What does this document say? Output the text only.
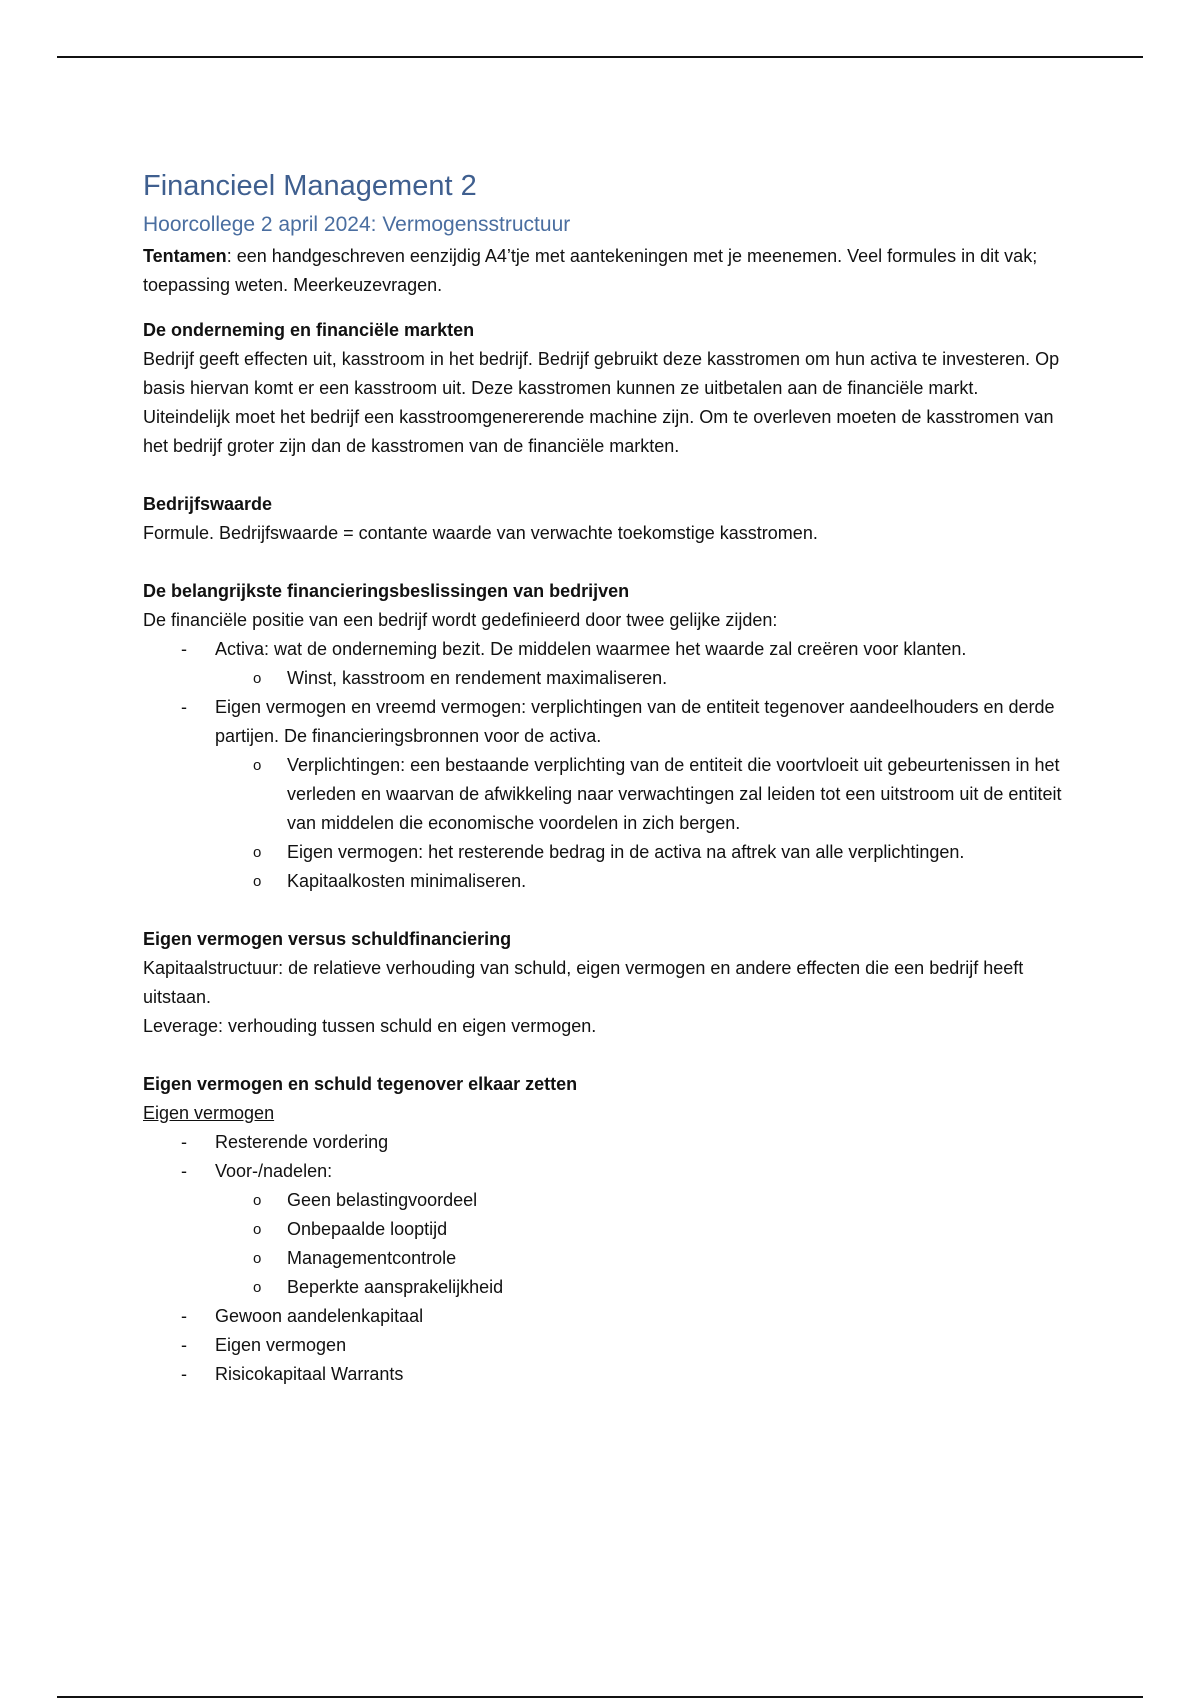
Financieel Management 2
Hoorcollege 2 april 2024: Vermogensstructuur

Tentamen: een handgeschreven eenzijdig A4’tje met aantekeningen met je meenemen. Veel formules in dit vak; toepassing weten. Meerkeuzevragen.

De onderneming en financiële markten

Bedrijf geeft effecten uit, kasstroom in het bedrijf. Bedrijf gebruikt deze kasstromen om hun activa te investeren. Op basis hiervan komt er een kasstroom uit. Deze kasstromen kunnen ze uitbetalen aan de financiële markt.

Uiteindelijk moet het bedrijf een kasstroomgenererende machine zijn. Om te overleven moeten de kasstromen van het bedrijf groter zijn dan de kasstromen van de financiële markten.

Bedrijfswaarde

Formule. Bedrijfswaarde = contante waarde van verwachte toekomstige kasstromen.

De belangrijkste financieringsbeslissingen van bedrijven

De financiële positie van een bedrijf wordt gedefinieerd door twee gelijke zijden:

- Activa: wat de onderneming bezit. De middelen waarmee het waarde zal creëren voor klanten.
o Winst, kasstroom en rendement maximaliseren.
- Eigen vermogen en vreemd vermogen: verplichtingen van de entiteit tegenover aandeelhouders en derde partijen. De financieringsbronnen voor de activa.
o Verplichtingen: een bestaande verplichting van de entiteit die voortvloeit uit gebeurtenissen in het verleden en waarvan de afwikkeling naar verwachtingen zal leiden tot een uitstroom uit de entiteit van middelen die economische voordelen in zich bergen.
o Eigen vermogen: het resterende bedrag in de activa na aftrek van alle verplichtingen.
o Kapitaalkosten minimaliseren.

Eigen vermogen versus schuldfinanciering

Kapitaalstructuur: de relatieve verhouding van schuld, eigen vermogen en andere effecten die een bedrijf heeft uitstaan.

Leverage: verhouding tussen schuld en eigen vermogen.

Eigen vermogen en schuld tegenover elkaar zetten

Eigen vermogen

- Resterende vordering
- Voor-/nadelen:
o Geen belastingvoordeel
o Onbepaalde looptijd
o Managementcontrole
o Beperkte aansprakelijkheid
- Gewoon aandelenkapitaal
- Eigen vermogen
- Risicokapitaal Warrants
